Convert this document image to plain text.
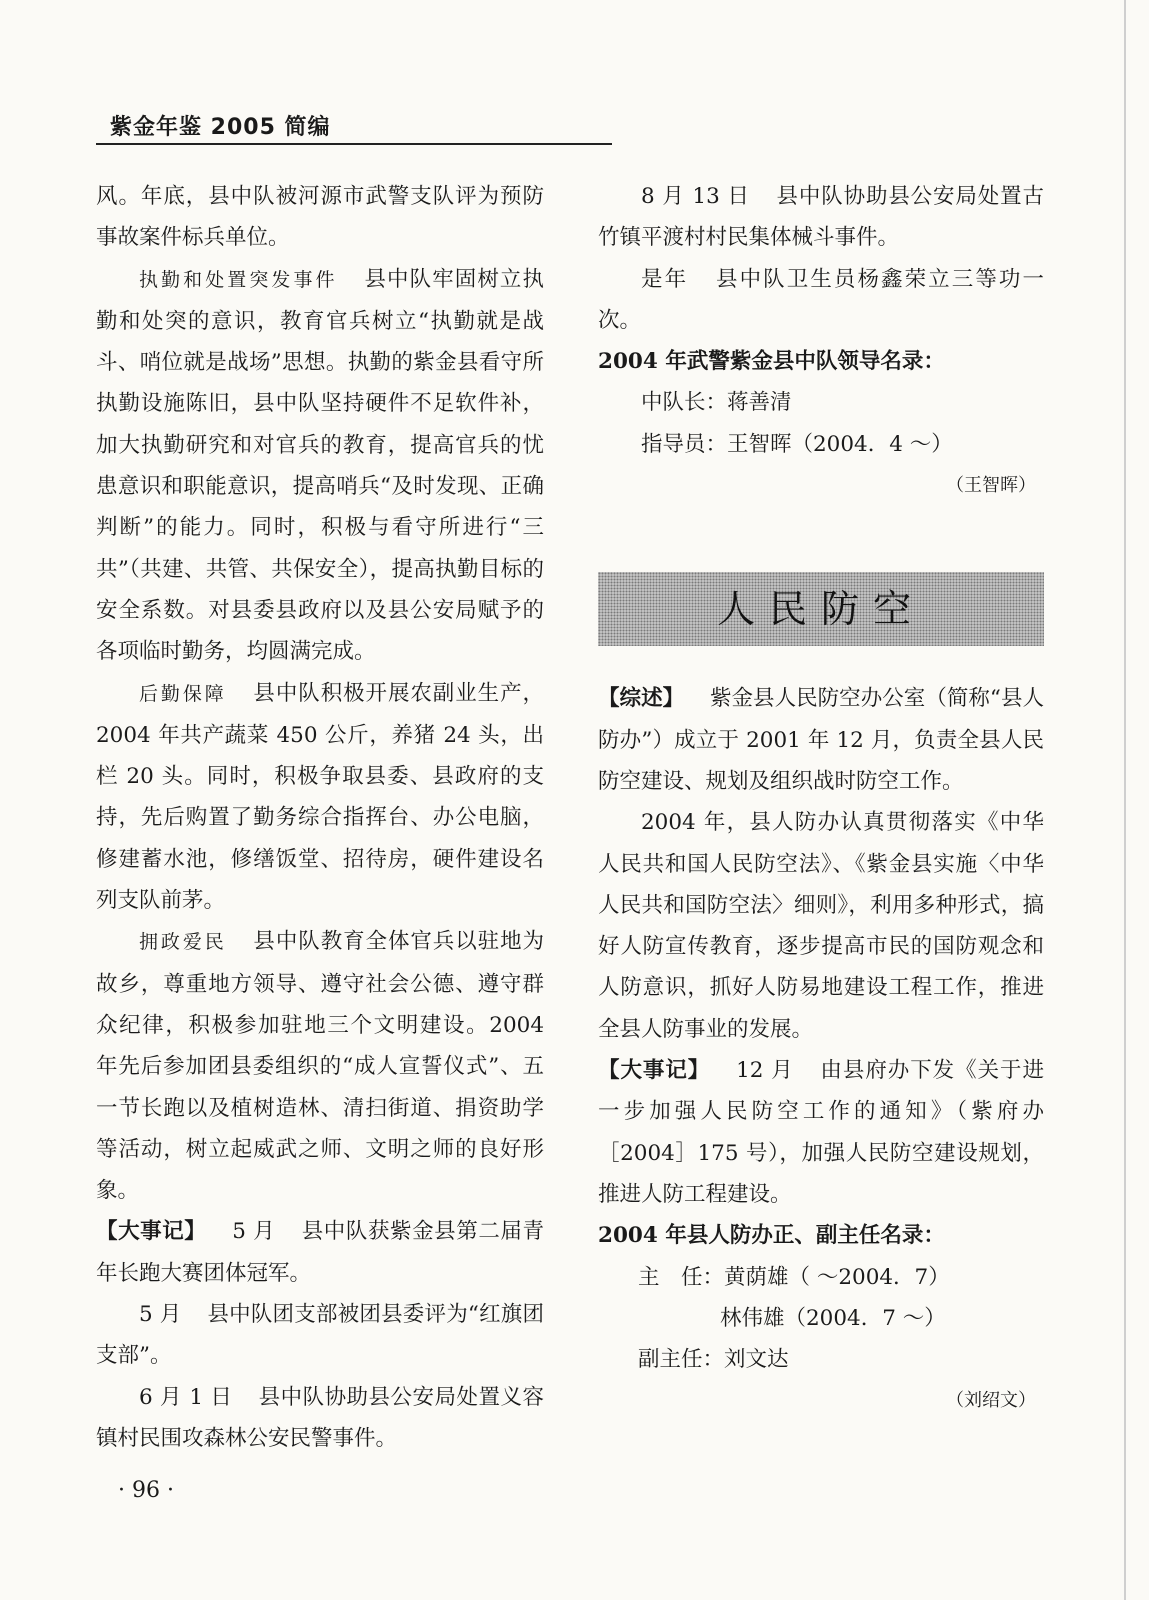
紫金年鉴 2005 简编

风。年底，县中队被河源市武警支队评为预防事故案件标兵单位。

执勤和处置突发事件 县中队牢固树立执勤和处突的意识，教育官兵树立“执勤就是战斗、哨位就是战场”思想。执勤的紫金县看守所执勤设施陈旧，县中队坚持硬件不足软件补，加大执勤研究和对官兵的教育，提高官兵的忧患意识和职能意识，提高哨兵“及时发现、正确判断”的能力。同时，积极与看守所进行“三共”（共建、共管、共保安全），提高执勤目标的安全系数。对县委县政府以及县公安局赋予的各项临时勤务，均圆满完成。

后勤保障 县中队积极开展农副业生产，2004 年共产蔬菜 450 公斤，养猪 24 头，出栏 20 头。同时，积极争取县委、县政府的支持，先后购置了勤务综合指挥台、办公电脑，修建蓄水池，修缮饭堂、招待房，硬件建设名列支队前茅。

拥政爱民 县中队教育全体官兵以驻地为故乡，尊重地方领导、遵守社会公德、遵守群众纪律，积极参加驻地三个文明建设。2004 年先后参加团县委组织的“成人宣誓仪式”、五一节长跑以及植树造林、清扫街道、捐资助学等活动，树立起威武之师、文明之师的良好形象。

【大事记】 5 月 县中队获紫金县第二届青年长跑大赛团体冠军。

5 月 县中队团支部被团县委评为“红旗团支部”。

6 月 1 日 县中队协助县公安局处置义容镇村民围攻森林公安民警事件。

8 月 13 日 县中队协助县公安局处置古竹镇平渡村村民集体械斗事件。

是年 县中队卫生员杨鑫荣立三等功一次。

2004 年武警紫金县中队领导名录：

中队长：蒋善清

指导员：王智晖（2004．4 ～）

（王智晖）

人民防空

【综述】 紫金县人民防空办公室（简称“县人防办”）成立于 2001 年 12 月，负责全县人民防空建设、规划及组织战时防空工作。

2004 年，县人防办认真贯彻落实《中华人民共和国人民防空法》、《紫金县实施〈中华人民共和国防空法〉细则》，利用多种形式，搞好人防宣传教育，逐步提高市民的国防观念和人防意识，抓好人防易地建设工程工作，推进全县人防事业的发展。

【大事记】 12 月 由县府办下发《关于进一步加强人民防空工作的通知》（紫府办［2004］175 号），加强人民防空建设规划，推进人防工程建设。

2004 年县人防办正、副主任名录：

主　任：黄荫雄（ ～2004．7）

林伟雄（2004．7 ～）

副主任：刘文达

（刘绍文）

· 96 ·
